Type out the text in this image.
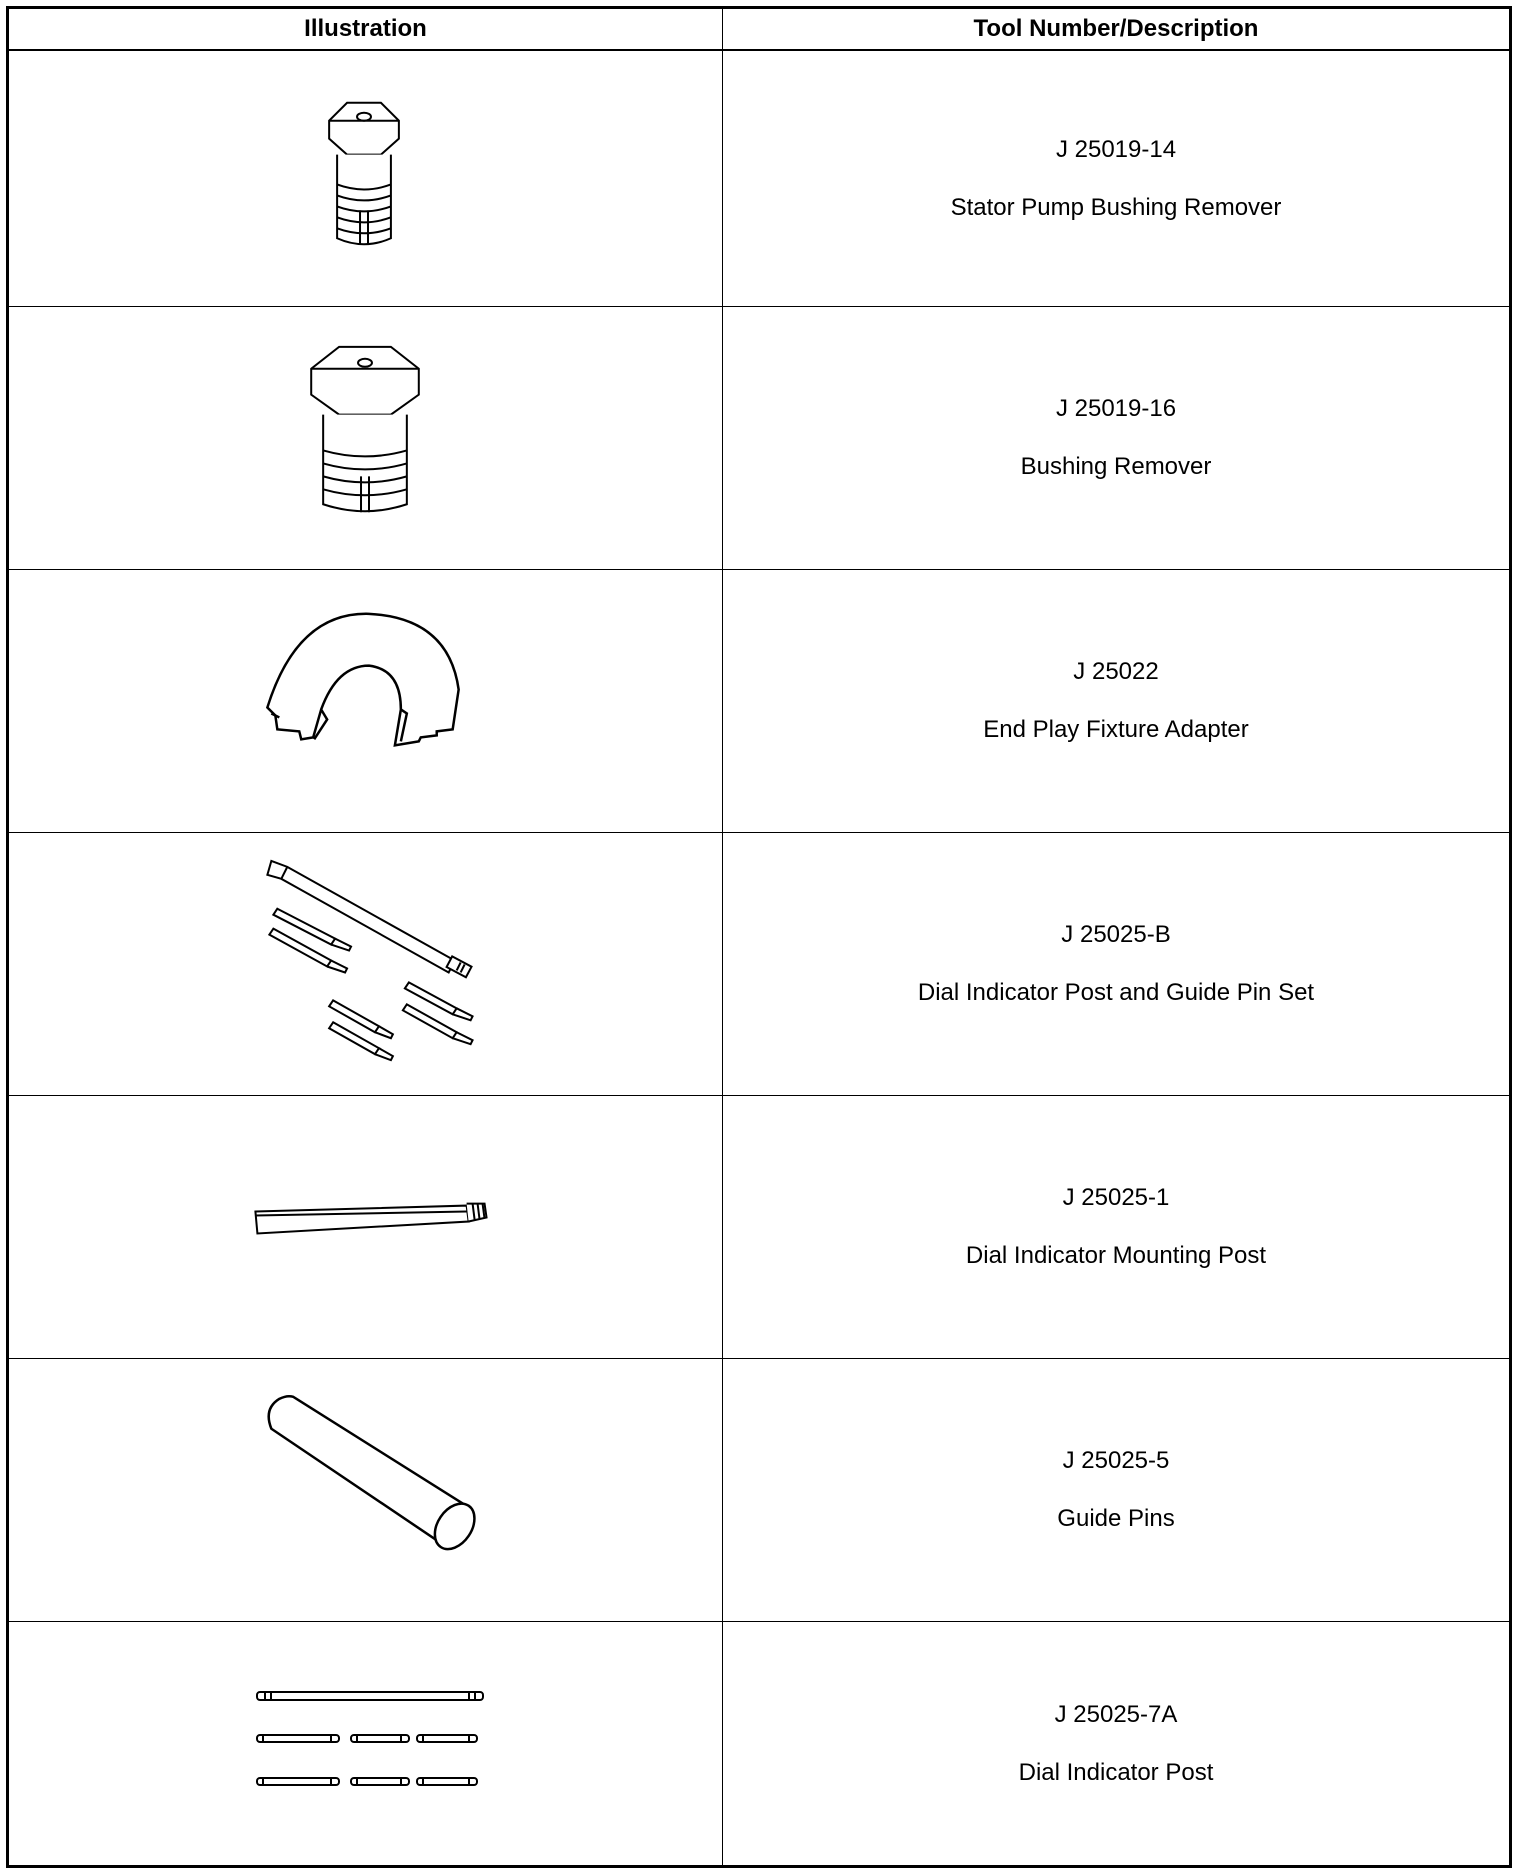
Illustration	Tool Number/Description
J 25019-14
Stator Pump Bushing Remover
J 25019-16
Bushing Remover
J 25022
End Play Fixture Adapter
J 25025-B
Dial Indicator Post and Guide Pin Set
J 25025-1
Dial Indicator Mounting Post
J 25025-5
Guide Pins
J 25025-7A
Dial Indicator Post
